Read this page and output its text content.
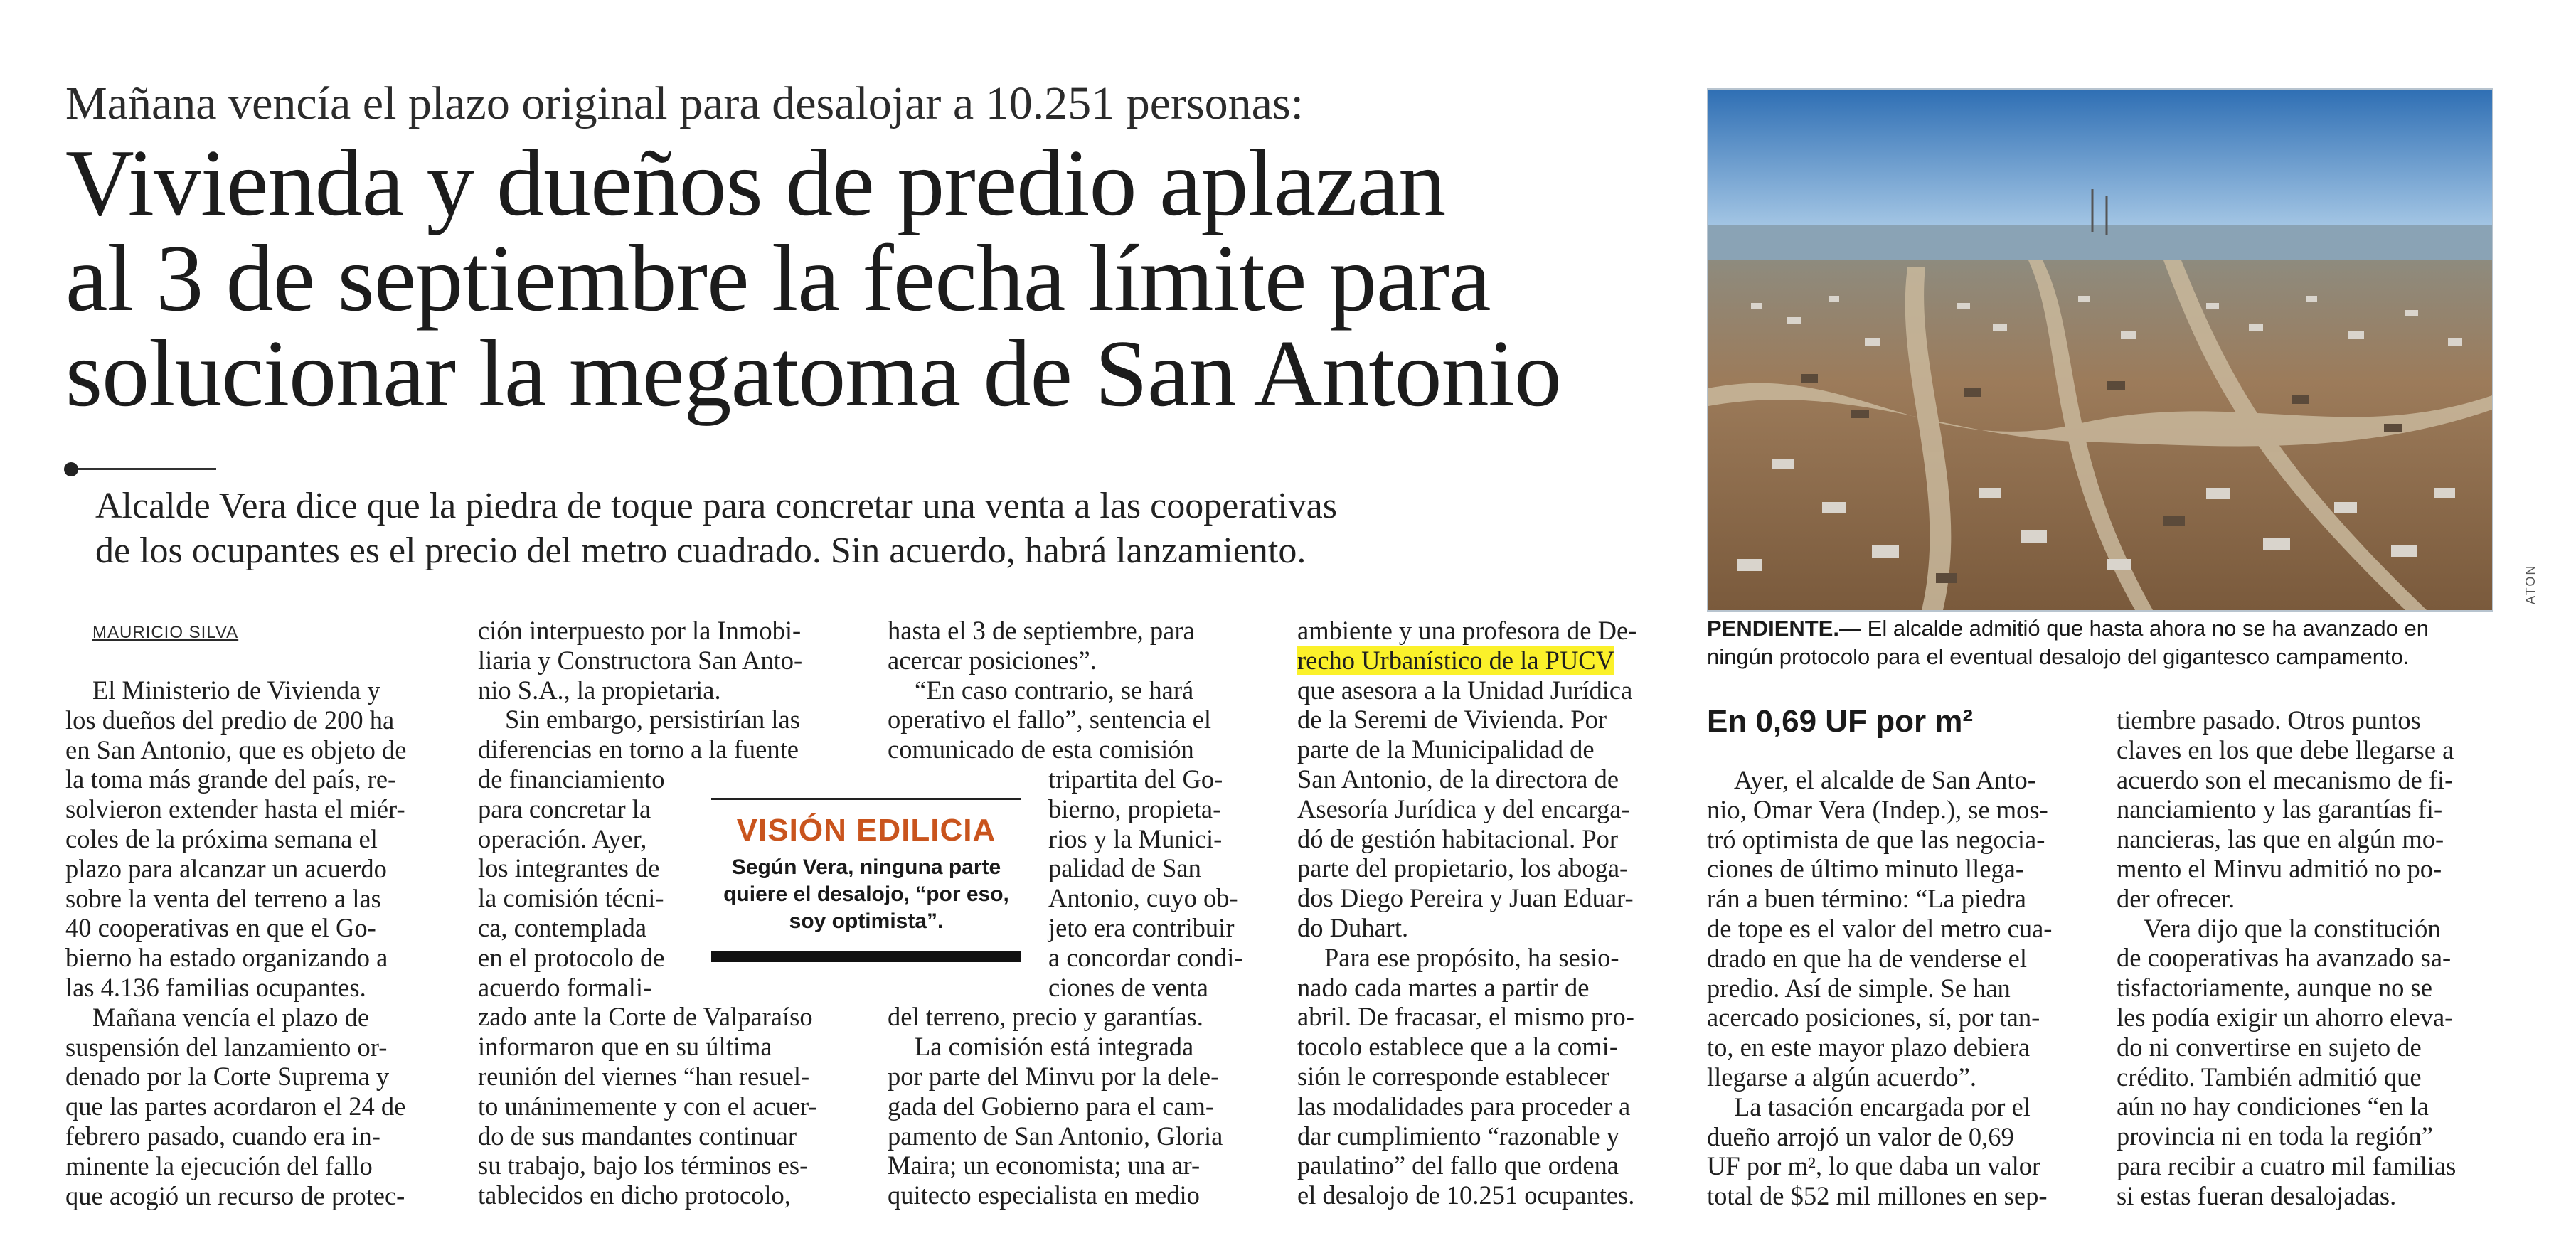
Mañana vencía el plazo original para desalojar a 10.251 personas:
Vivienda y dueños de predio aplazan
al 3 de septiembre la fecha límite para
solucionar la megatoma de San Antonio
Alcalde Vera dice que la piedra de toque para concretar una venta a las cooperativas
de los ocupantes es el precio del metro cuadrado. Sin acuerdo, habrá lanzamiento.
MAURICIO SILVA
El Ministerio de Vivienda y
los dueños del predio de 200 ha
en San Antonio, que es objeto de
la toma más grande del país, re-
solvieron extender hasta el miér-
coles de la próxima semana el
plazo para alcanzar un acuerdo
sobre la venta del terreno a las
40 cooperativas en que el Go-
bierno ha estado organizando a
las 4.136 familias ocupantes.
Mañana vencía el plazo de
suspensión del lanzamiento or-
denado por la Corte Suprema y
que las partes acordaron el 24 de
febrero pasado, cuando era in-
minente la ejecución del fallo
que acogió un recurso de protec-
ción interpuesto por la Inmobi-
liaria y Constructora San Anto-
nio S.A., la propietaria.
Sin embargo, persistirían las
diferencias en torno a la fuente
de financiamiento
para concretar la
operación. Ayer,
los integrantes de
la comisión técni-
ca, contemplada
en el protocolo de
acuerdo formali-
zado ante la Corte de Valparaíso
informaron que en su última
reunión del viernes “han resuel-
to unánimemente y con el acuer-
do de sus mandantes continuar
su trabajo, bajo los términos es-
tablecidos en dicho protocolo,
hasta el 3 de septiembre, para
acercar posiciones”.
“En caso contrario, se hará
operativo el fallo”, sentencia el
comunicado de esta comisión
tripartita del Go-
bierno, propieta-
rios y la Munici-
palidad de San
Antonio, cuyo ob-
jeto era contribuir
a concordar condi-
ciones de venta
del terreno, precio y garantías.
La comisión está integrada
por parte del Minvu por la dele-
gada del Gobierno para el cam-
pamento de San Antonio, Gloria
Maira; un economista; una ar-
quitecto especialista en medio
VISIÓN EDILICIA
Según Vera, ninguna parte
quiere el desalojo, “por eso,
soy optimista”.
ambiente y una profesora de De-
recho Urbanístico de la PUCV
que asesora a la Unidad Jurídica
de la Seremi de Vivienda. Por
parte de la Municipalidad de
San Antonio, de la directora de
Asesoría Jurídica y del encarga-
dó de gestión habitacional. Por
parte del propietario, los aboga-
dos Diego Pereira y Juan Eduar-
do Duhart.
Para ese propósito, ha sesio-
nado cada martes a partir de
abril. De fracasar, el mismo pro-
tocolo establece que a la comi-
sión le corresponde establecer
las modalidades para proceder a
dar cumplimiento “razonable y
paulatino” del fallo que ordena
el desalojo de 10.251 ocupantes.
ATON
PENDIENTE.— El alcalde admitió que hasta ahora no se ha avanzado en
ningún protocolo para el eventual desalojo del gigantesco campamento.
En 0,69 UF por m²
Ayer, el alcalde de San Anto-
nio, Omar Vera (Indep.), se mos-
tró optimista de que las negocia-
ciones de último minuto llega-
rán a buen término: “La piedra
de tope es el valor del metro cua-
drado en que ha de venderse el
predio. Así de simple. Se han
acercado posiciones, sí, por tan-
to, en este mayor plazo debiera
llegarse a algún acuerdo”.
La tasación encargada por el
dueño arrojó un valor de 0,69
UF por m², lo que daba un valor
total de $52 mil millones en sep-
tiembre pasado. Otros puntos
claves en los que debe llegarse a
acuerdo son el mecanismo de fi-
nanciamiento y las garantías fi-
nancieras, las que en algún mo-
mento el Minvu admitió no po-
der ofrecer.
Vera dijo que la constitución
de cooperativas ha avanzado sa-
tisfactoriamente, aunque no se
les podía exigir un ahorro eleva-
do ni convertirse en sujeto de
crédito. También admitió que
aún no hay condiciones “en la
provincia ni en toda la región”
para recibir a cuatro mil familias
si estas fueran desalojadas.
